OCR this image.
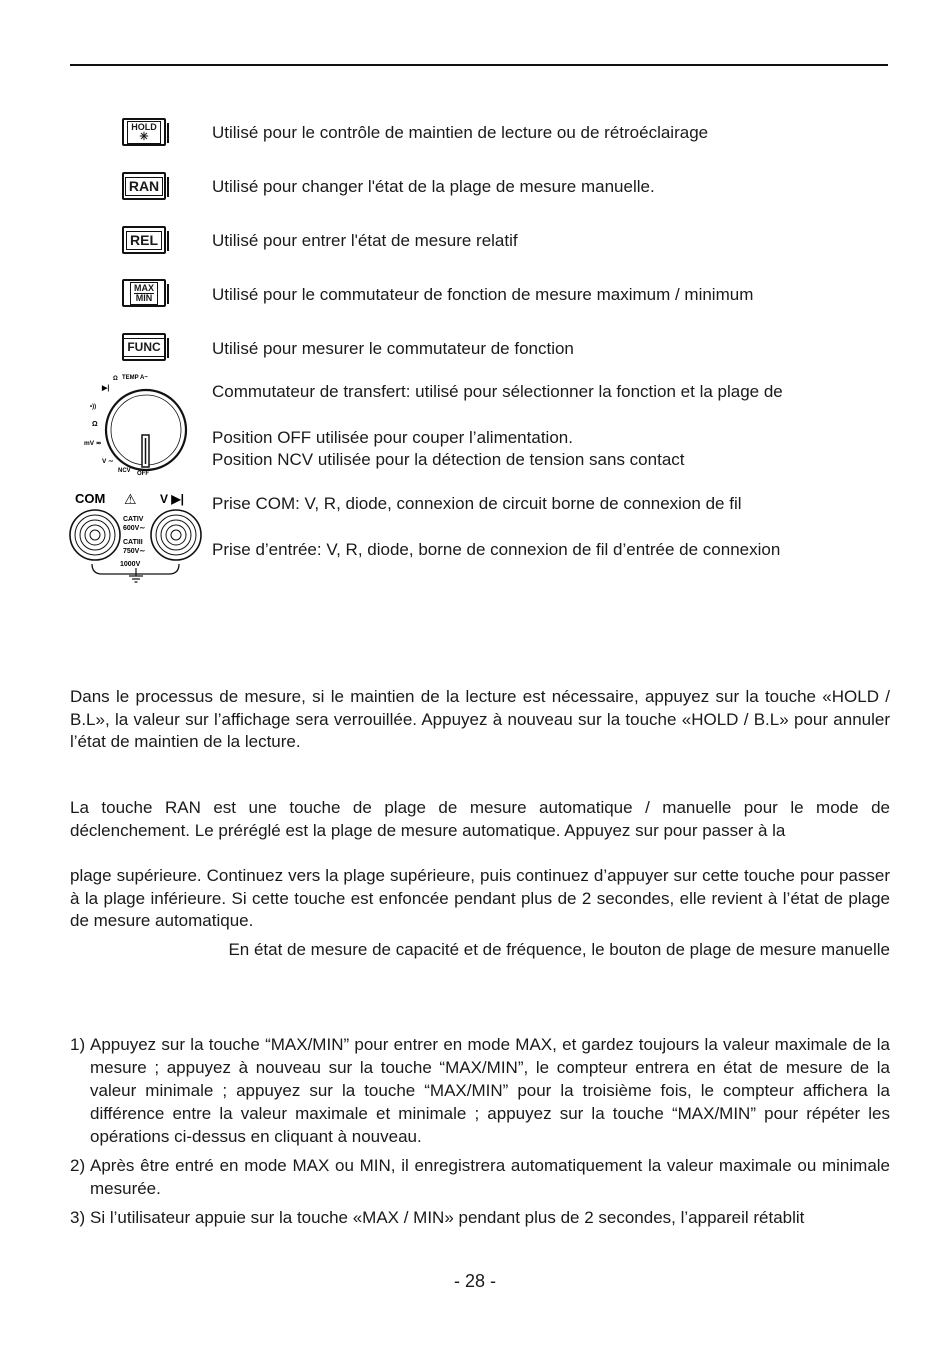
HOLD
✳	Utilisé pour le contrôle de maintien de lecture ou de rétroéclairage
RAN	Utilisé pour changer l'état de la plage de mesure manuelle.
REL	Utilisé pour entrer l'état de mesure relatif
MAX
MIN	Utilisé pour le commutateur de fonction de mesure maximum / minimum
FUNC	Utilisé pour mesurer le commutateur de fonction
Ω TEMP A~
▶|
•))
Ω
mV ≂
V ∼
NCV OFF
Commutateur de transfert: utilisé pour sélectionner la fonction et la plage de
Position OFF utilisée pour couper l’alimentation.
Position NCV utilisée pour la détection de tension sans contact
COM ⚠ V ▶|
CATIV
600V∼
CATIII
750V∼
1000V
Prise COM: V, R, diode, connexion de circuit borne de connexion de fil
Prise d’entrée: V, R, diode, borne de connexion de fil d’entrée de connexion
Dans le processus de mesure, si le maintien de la lecture est nécessaire, appuyez sur la touche «HOLD / B.L», la valeur sur l’affichage sera verrouillée. Appuyez à nouveau sur la touche «HOLD / B.L» pour annuler l’état de maintien de la lecture.
La touche RAN est une touche de plage de mesure automatique / manuelle pour le mode de déclenchement. Le préréglé est la plage de mesure automatique. Appuyez sur pour passer à la
plage supérieure. Continuez vers la plage supérieure, puis continuez d’appuyer sur cette touche pour passer à la plage inférieure. Si cette touche est enfoncée pendant plus de 2 secondes, elle revient à l’état de plage de mesure automatique.
En état de mesure de capacité et de fréquence, le bouton de plage de mesure manuelle
1) Appuyez sur la touche “MAX/MIN” pour entrer en mode MAX, et gardez toujours la valeur maximale de la mesure ; appuyez à nouveau sur la touche “MAX/MIN”, le compteur entrera en état de mesure de la valeur minimale ; appuyez sur la touche “MAX/MIN” pour la troisième fois, le compteur affichera la différence entre la valeur maximale et minimale ; appuyez sur la touche “MAX/MIN” pour répéter les opérations ci-dessus en cliquant à nouveau.
2) Après être entré en mode MAX ou MIN, il enregistrera automatiquement la valeur maximale ou minimale mesurée.
3) Si l’utilisateur appuie sur la touche «MAX / MIN» pendant plus de 2 secondes, l’appareil rétablit
- 28 -
